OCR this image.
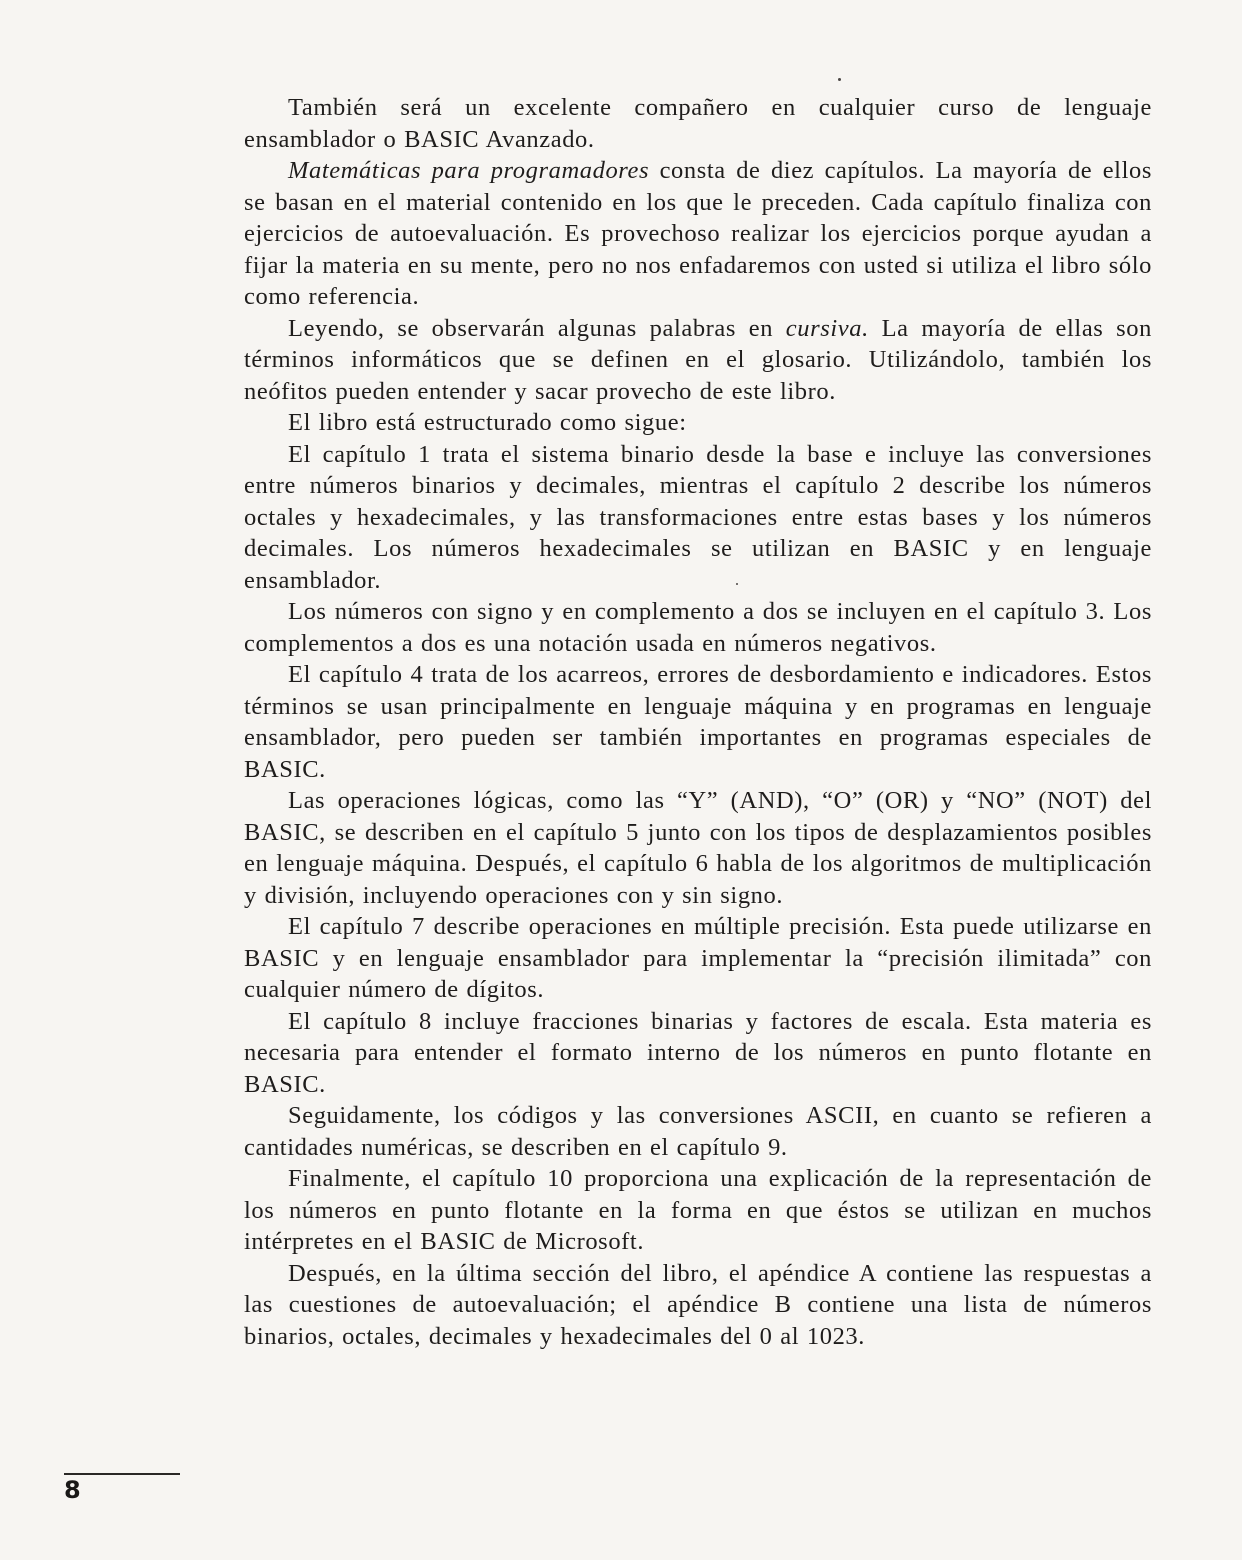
También será un excelente compañero en cualquier curso de lenguaje ensamblador o BASIC Avanzado.

Matemáticas para programadores consta de diez capítulos. La mayoría de ellos se basan en el material contenido en los que le preceden. Cada capítulo finaliza con ejercicios de autoevaluación. Es provechoso realizar los ejercicios porque ayudan a fijar la materia en su mente, pero no nos enfadaremos con usted si utiliza el libro sólo como referencia.

Leyendo, se observarán algunas palabras en cursiva. La mayoría de ellas son términos informáticos que se definen en el glosario. Utilizándolo, también los neófitos pueden entender y sacar provecho de este libro.

El libro está estructurado como sigue:

El capítulo 1 trata el sistema binario desde la base e incluye las conversiones entre números binarios y decimales, mientras el capítulo 2 describe los números octales y hexadecimales, y las transformaciones entre estas bases y los números decimales. Los números hexadecimales se utilizan en BASIC y en lenguaje ensamblador.

Los números con signo y en complemento a dos se incluyen en el capítulo 3. Los complementos a dos es una notación usada en números negativos.

El capítulo 4 trata de los acarreos, errores de desbordamiento e indicadores. Estos términos se usan principalmente en lenguaje máquina y en programas en lenguaje ensamblador, pero pueden ser también importantes en programas especiales de BASIC.

Las operaciones lógicas, como las “Y” (AND), “O” (OR) y “NO” (NOT) del BASIC, se describen en el capítulo 5 junto con los tipos de desplazamientos posibles en lenguaje máquina. Después, el capítulo 6 habla de los algoritmos de multiplicación y división, incluyendo operaciones con y sin signo.

El capítulo 7 describe operaciones en múltiple precisión. Esta puede utilizarse en BASIC y en lenguaje ensamblador para implementar la “precisión ilimitada” con cualquier número de dígitos.

El capítulo 8 incluye fracciones binarias y factores de escala. Esta materia es necesaria para entender el formato interno de los números en punto flotante en BASIC.

Seguidamente, los códigos y las conversiones ASCII, en cuanto se refieren a cantidades numéricas, se describen en el capítulo 9.

Finalmente, el capítulo 10 proporciona una explicación de la representación de los números en punto flotante en la forma en que éstos se utilizan en muchos intérpretes en el BASIC de Microsoft.

Después, en la última sección del libro, el apéndice A contiene las respuestas a las cuestiones de autoevaluación; el apéndice B contiene una lista de números binarios, octales, decimales y hexadecimales del 0 al 1023.

8
